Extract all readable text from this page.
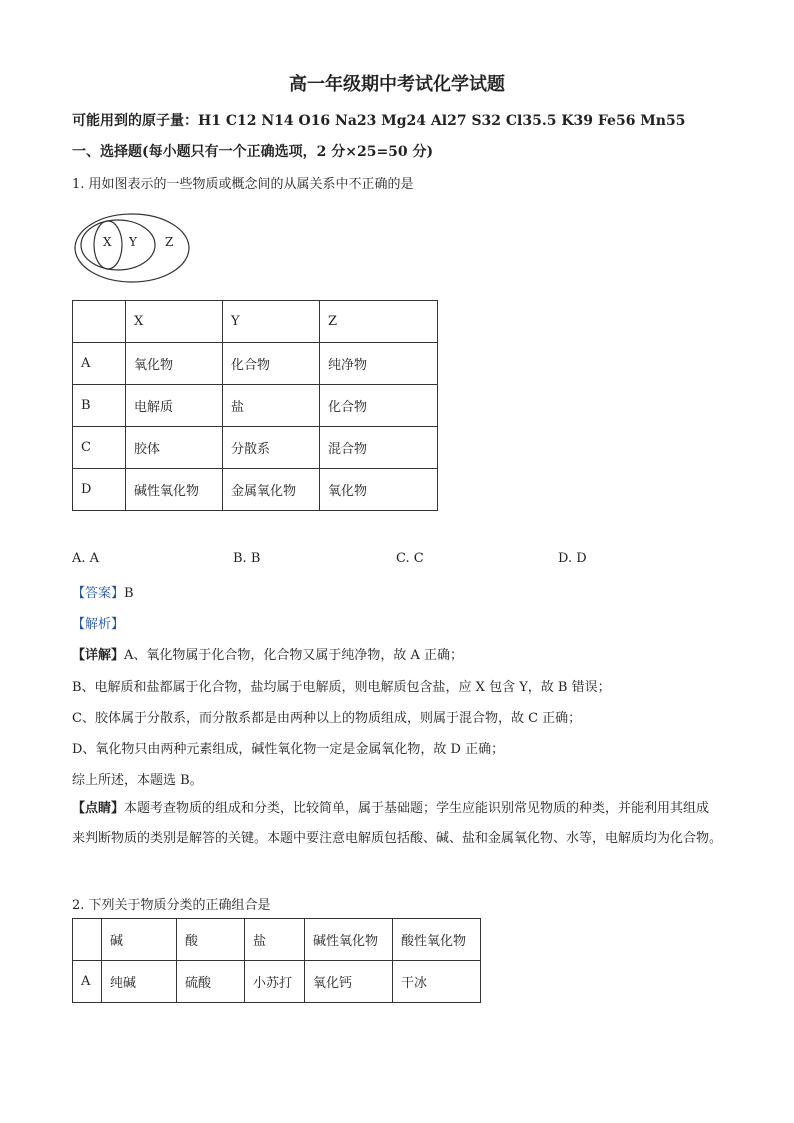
高一年级期中考试化学试题
可能用到的原子量：H1 C12 N14 O16 Na23 Mg24 Al27 S32 Cl35.5 K39 Fe56 Mn55
一、选择题(每小题只有一个正确选项，2 分×25=50 分)
1. 用如图表示的一些物质或概念间的从属关系中不正确的是
X Y Z
	X	Y	Z
A	氧化物	化合物	纯净物
B	电解质	盐	化合物
C	胶体	分散系	混合物
D	碱性氧化物	金属氧化物	氧化物
A. A	B. B	C. C	D. D
【答案】B
【解析】
【详解】A、氧化物属于化合物，化合物又属于纯净物，故 A 正确；
B、电解质和盐都属于化合物，盐均属于电解质，则电解质包含盐，应 X 包含 Y，故 B 错误；
C、胶体属于分散系，而分散系都是由两种以上的物质组成，则属于混合物，故 C 正确；
D、氧化物只由两种元素组成，碱性氧化物一定是金属氧化物，故 D 正确；
综上所述，本题选 B。
【点睛】本题考查物质的组成和分类，比较简单，属于基础题；学生应能识别常见物质的种类，并能利用其组成来判断物质的类别是解答的关键。本题中要注意电解质包括酸、碱、盐和金属氧化物、水等，电解质均为化合物。
2. 下列关于物质分类的正确组合是
	碱	酸	盐	碱性氧化物	酸性氧化物
A	纯碱	硫酸	小苏打	氧化钙	干冰
